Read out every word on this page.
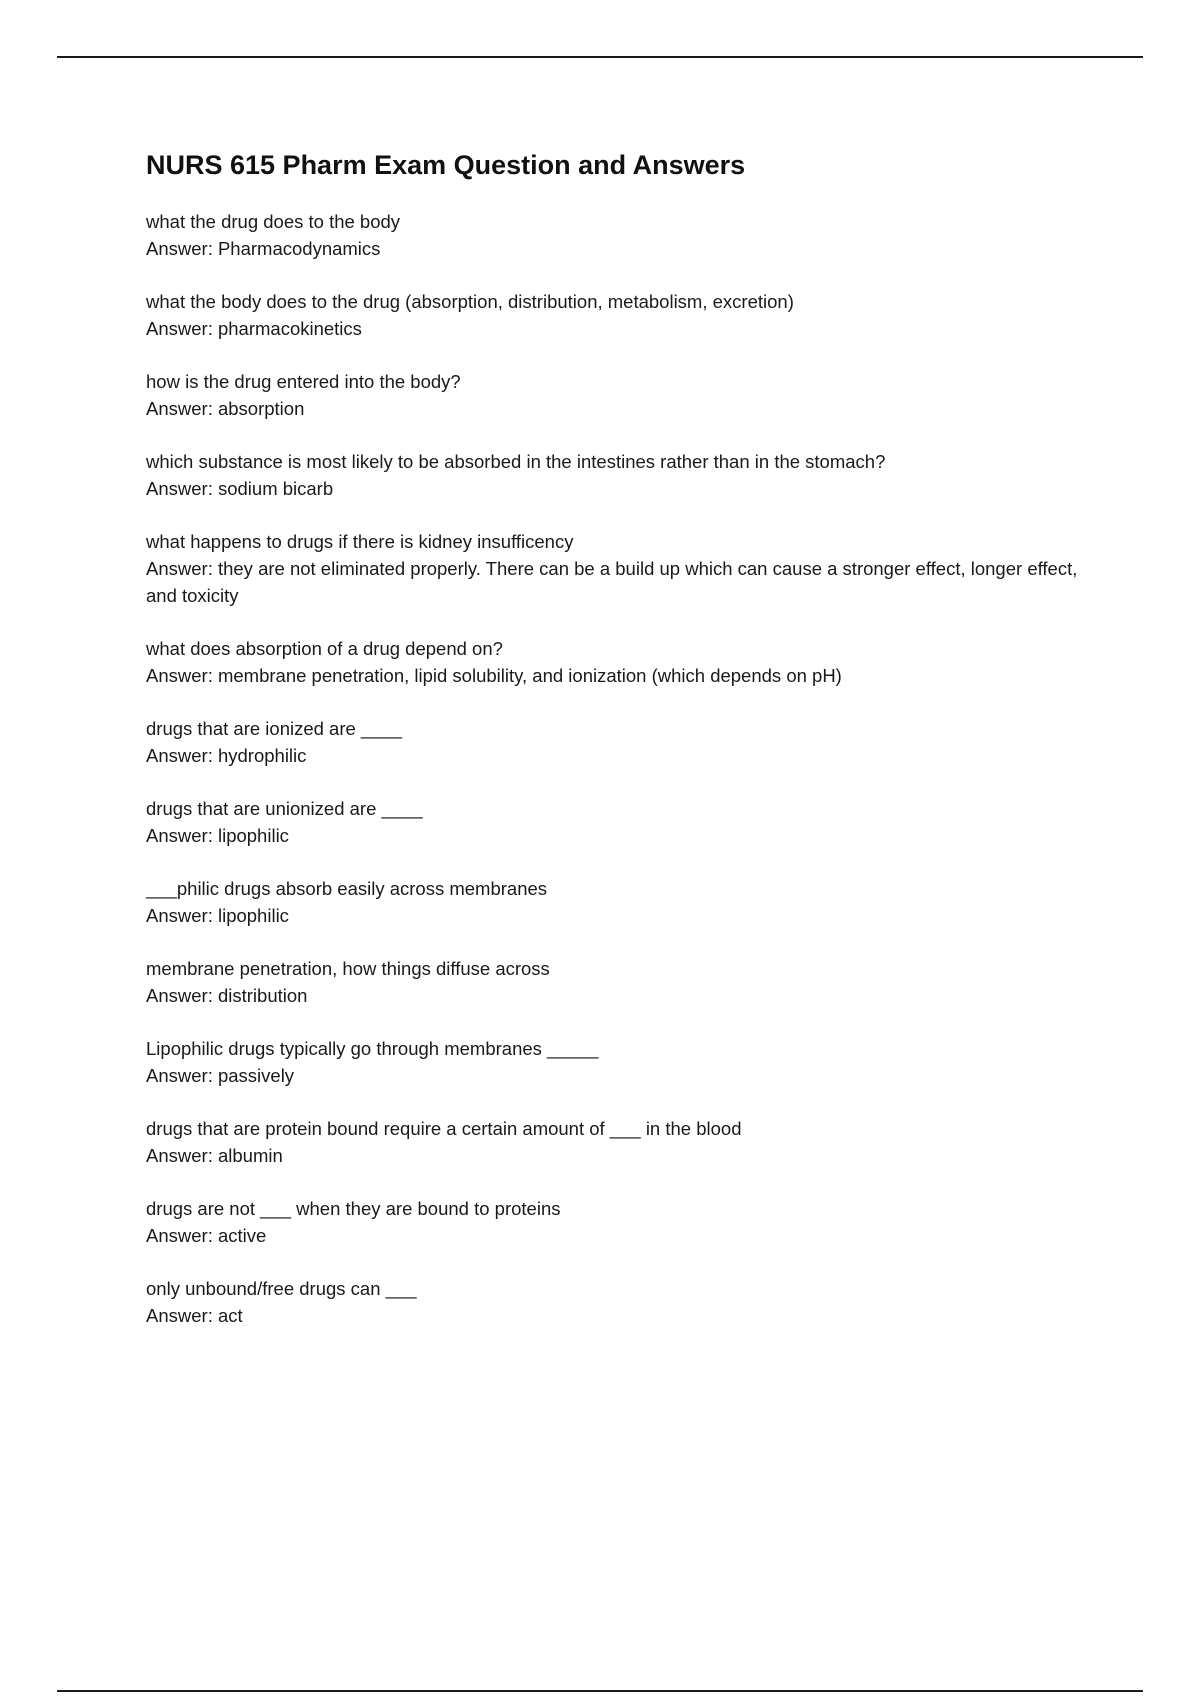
NURS 615 Pharm Exam Question and Answers

what the drug does to the body

Answer: Pharmacodynamics

what the body does to the drug (absorption, distribution, metabolism, excretion)

Answer: pharmacokinetics

how is the drug entered into the body?

Answer: absorption

which substance is most likely to be absorbed in the intestines rather than in the stomach?

Answer: sodium bicarb

what happens to drugs if there is kidney insufficency

Answer: they are not eliminated properly. There can be a build up which can cause a stronger effect, longer effect, and toxicity

what does absorption of a drug depend on?

Answer: membrane penetration, lipid solubility, and ionization (which depends on pH)

drugs that are ionized are ____

Answer: hydrophilic

drugs that are unionized are ____

Answer: lipophilic

___philic drugs absorb easily across membranes

Answer: lipophilic

membrane penetration, how things diffuse across

Answer: distribution

Lipophilic drugs typically go through membranes _____

Answer: passively

drugs that are protein bound require a certain amount of ___ in the blood

Answer: albumin

drugs are not ___ when they are bound to proteins

Answer: active

only unbound/free drugs can ___

Answer: act
